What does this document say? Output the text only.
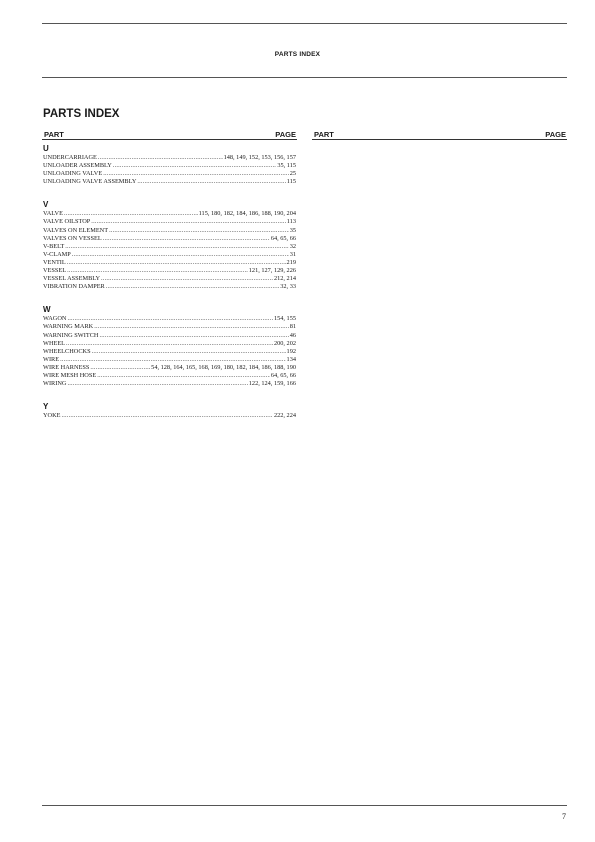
PARTS INDEX
PARTS INDEX
PART	PAGE PART	PAGE
U
UNDERCARRIAGE .....	148, 149, 152, 153, 156, 157
UNLOADER ASSEMBLY .....	35, 115
UNLOADING VALVE .....	25
UNLOADING VALVE ASSEMBLY .....	115
V
VALVE .....	115, 180, 182, 184, 186, 188, 190, 204
VALVE OILSTOP .....	113
VALVES ON ELEMENT .....	35
VALVES ON VESSEL .....	64, 65, 66
V-BELT .....	32
V-CLAMP .....	31
VENTIL .....	219
VESSEL .....	121, 127, 129, 226
VESSEL ASSEMBLY .....	212, 214
VIBRATION DAMPER .....	32, 33
W
WAGON .....	154, 155
WARNING MARK .....	81
WARNING SWITCH .....	46
WHEEL .....	200, 202
WHEELCHOCKS .....	192
WIRE .....	134
WIRE HARNESS .....	54, 128, 164, 165, 168, 169, 180, 182, 184, 186, 188, 190
WIRE MESH HOSE .....	64, 65, 66
WIRING .....	122, 124, 159, 166
Y
YOKE .....	222, 224
7
